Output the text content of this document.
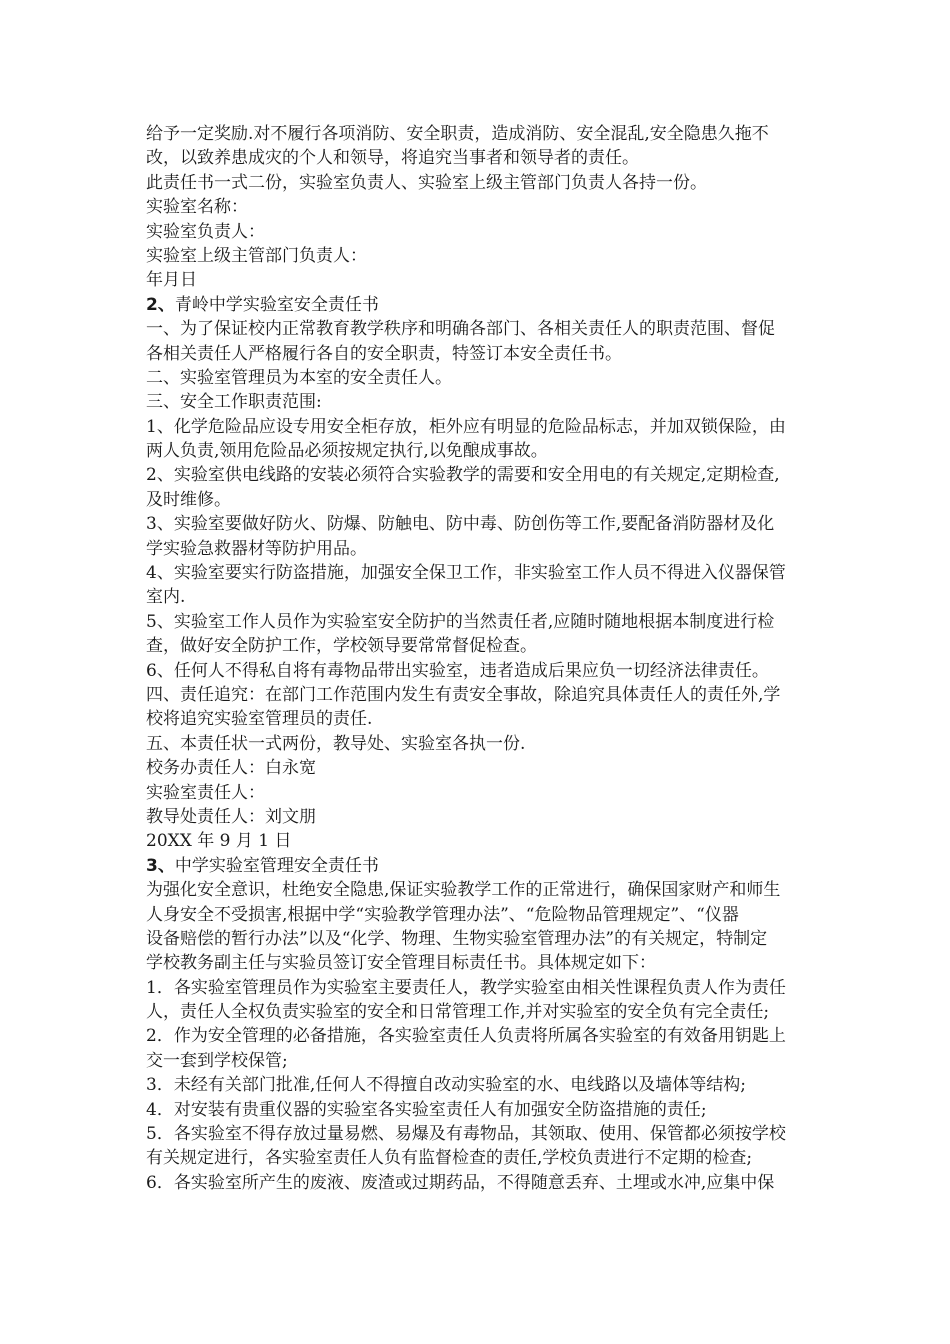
给予一定奖励.对不履行各项消防、安全职责，造成消防、安全混乱,安全隐患久拖不
改，以致养患成灾的个人和领导，将追究当事者和领导者的责任。
此责任书一式二份，实验室负责人、实验室上级主管部门负责人各持一份。
实验室名称：
实验室负责人：
实验室上级主管部门负责人：
年月日
2、青岭中学实验室安全责任书
一、为了保证校内正常教育教学秩序和明确各部门、各相关责任人的职责范围、督促
各相关责任人严格履行各自的安全职责，特签订本安全责任书。
二、实验室管理员为本室的安全责任人。
三、安全工作职责范围:
1、化学危险品应设专用安全柜存放，柜外应有明显的危险品标志，并加双锁保险，由
两人负责,领用危险品必须按规定执行,以免酿成事故。
2、实验室供电线路的安装必须符合实验教学的需要和安全用电的有关规定,定期检查,
及时维修。
3、实验室要做好防火、防爆、防触电、防中毒、防创伤等工作,要配备消防器材及化
学实验急救器材等防护用品。
4、实验室要实行防盗措施，加强安全保卫工作，非实验室工作人员不得进入仪器保管
室内.
5、实验室工作人员作为实验室安全防护的当然责任者,应随时随地根据本制度进行检
查，做好安全防护工作，学校领导要常常督促检查。
6、任何人不得私自将有毒物品带出实验室，违者造成后果应负一切经济法律责任。
四、责任追究：在部门工作范围内发生有责安全事故，除追究具体责任人的责任外,学
校将追究实验室管理员的责任.
五、本责任状一式两份，教导处、实验室各执一份.
校务办责任人：白永宽
实验室责任人：
教导处责任人：刘文朋
20XX 年 9 月 1 日
3、中学实验室管理安全责任书
为强化安全意识，杜绝安全隐患,保证实验教学工作的正常进行，确保国家财产和师生
人身安全不受损害,根据中学“实验教学管理办法”、“危险物品管理规定”、“仪器
设备赔偿的暂行办法”以及“化学、物理、生物实验室管理办法”的有关规定，特制定
学校教务副主任与实验员签订安全管理目标责任书。具体规定如下：
1．各实验室管理员作为实验室主要责任人，教学实验室由相关性课程负责人作为责任
人，责任人全权负责实验室的安全和日常管理工作,并对实验室的安全负有完全责任;
2．作为安全管理的必备措施，各实验室责任人负责将所属各实验室的有效备用钥匙上
交一套到学校保管;
3．未经有关部门批准,任何人不得擅自改动实验室的水、电线路以及墙体等结构;
4．对安装有贵重仪器的实验室各实验室责任人有加强安全防盗措施的责任;
5．各实验室不得存放过量易燃、易爆及有毒物品，其领取、使用、保管都必须按学校
有关规定进行，各实验室责任人负有监督检查的责任,学校负责进行不定期的检查;
6．各实验室所产生的废液、废渣或过期药品，不得随意丢弃、土埋或水冲,应集中保
